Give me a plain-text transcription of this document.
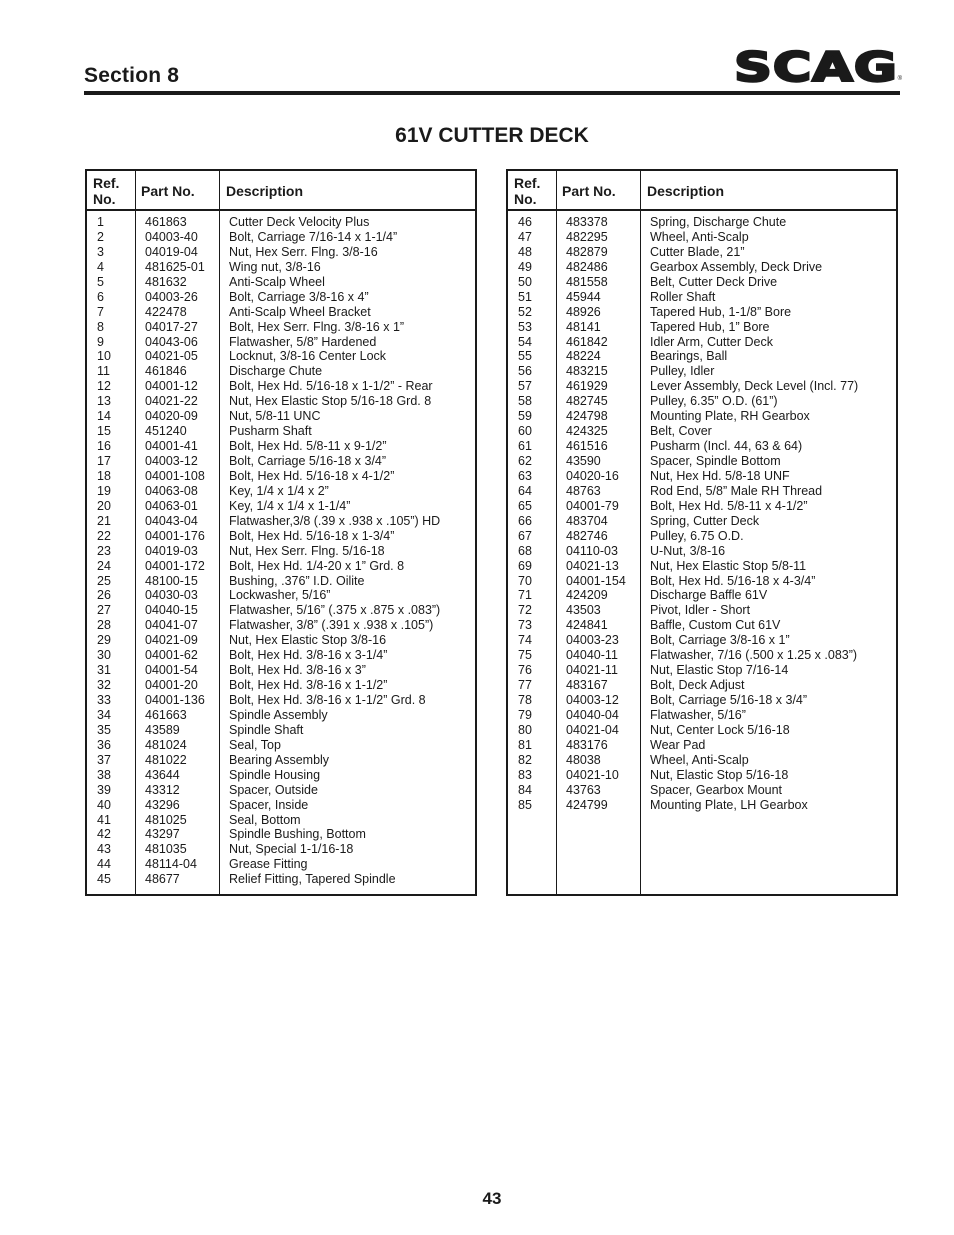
Section 8	SCAG ®
61V CUTTER DECK
Ref.
No. Part No. Description
1	461863	Cutter Deck Velocity Plus
2	04003-40 Bolt, Carriage 7/16-14 x 1-1/4”
3	04019-04 Nut, Hex Serr. Flng. 3/8-16
4	481625-01 Wing nut, 3/8-16
5	481632	Anti-Scalp Wheel
6	04003-26 Bolt, Carriage 3/8-16 x 4”
7	422478	Anti-Scalp Wheel Bracket
8	04017-27 Bolt, Hex Serr. Flng. 3/8-16 x 1”
9	04043-06 Flatwasher, 5/8” Hardened
10	04021-05 Locknut, 3/8-16 Center Lock
11	461846	Discharge Chute
12	04001-12 Bolt, Hex Hd. 5/16-18 x 1-1/2” - Rear
13	04021-22 Nut, Hex Elastic Stop 5/16-18 Grd. 8
14	04020-09 Nut, 5/8-11 UNC
15	451240	Pusharm Shaft
16	04001-41 Bolt, Hex Hd. 5/8-11 x 9-1/2”
17	04003-12 Bolt, Carriage 5/16-18 x 3/4”
18	04001-108 Bolt, Hex Hd. 5/16-18 x 4-1/2”
19	04063-08 Key, 1/4 x 1/4 x 2”
20	04063-01 Key, 1/4 x 1/4 x 1-1/4”
21	04043-04 Flatwasher,3/8 (.39 x .938 x .105”) HD
22	04001-176 Bolt, Hex Hd. 5/16-18 x 1-3/4”
23	04019-03 Nut, Hex Serr. Flng. 5/16-18
24	04001-172 Bolt, Hex Hd. 1/4-20 x 1” Grd. 8
25	48100-15 Bushing, .376” I.D. Oilite
26	04030-03 Lockwasher, 5/16”
27	04040-15 Flatwasher, 5/16” (.375 x .875 x .083”)
28	04041-07 Flatwasher, 3/8” (.391 x .938 x .105”)
29	04021-09 Nut, Hex Elastic Stop 3/8-16
30	04001-62 Bolt, Hex Hd. 3/8-16 x 3-1/4”
31	04001-54 Bolt, Hex Hd. 3/8-16 x 3”
32	04001-20 Bolt, Hex Hd. 3/8-16 x 1-1/2”
33	04001-136 Bolt, Hex Hd. 3/8-16 x 1-1/2” Grd. 8
34	461663	Spindle Assembly
35	43589	Spindle Shaft
36	481024	Seal, Top
37	481022	Bearing Assembly
38	43644	Spindle Housing
39	43312	Spacer, Outside
40	43296	Spacer, Inside
41	481025	Seal, Bottom
42	43297	Spindle Bushing, Bottom
43	481035	Nut, Special 1-1/16-18
44	48114-04	Grease Fitting
45	48677	Relief Fitting, Tapered Spindle
Ref.
No. Part No. Description
46	483378	Spring, Discharge Chute
47	482295	Wheel, Anti-Scalp
48	482879	Cutter Blade, 21”
49	482486	Gearbox Assembly, Deck Drive
50	481558	Belt, Cutter Deck Drive
51	45944	Roller Shaft
52	48926	Tapered Hub, 1-1/8” Bore
53	48141	Tapered Hub, 1” Bore
54	461842	Idler Arm, Cutter Deck
55	48224	Bearings, Ball
56	483215	Pulley, Idler
57	461929	Lever Assembly, Deck Level (Incl. 77)
58	482745	Pulley, 6.35” O.D. (61”)
59	424798	Mounting Plate, RH Gearbox
60	424325	Belt, Cover
61	461516	Pusharm (Incl. 44, 63 & 64)
62	43590	Spacer, Spindle Bottom
63	04020-16 Nut, Hex Hd. 5/8-18 UNF
64	48763	Rod End, 5/8” Male RH Thread
65	04001-79 Bolt, Hex Hd. 5/8-11 x 4-1/2”
66	483704	Spring, Cutter Deck
67	482746	Pulley, 6.75 O.D.
68	04110-03	U-Nut, 3/8-16
69	04021-13 Nut, Hex Elastic Stop 5/8-11
70	04001-154 Bolt, Hex Hd. 5/16-18 x 4-3/4”
71	424209	Discharge Baffle 61V
72	43503	Pivot, Idler - Short
73	424841	Baffle, Custom Cut 61V
74	04003-23 Bolt, Carriage 3/8-16 x 1”
75	04040-11	Flatwasher, 7/16 (.500 x 1.25 x .083”)
76	04021-11	Nut, Elastic Stop 7/16-14
77	483167	Bolt, Deck Adjust
78	04003-12 Bolt, Carriage 5/16-18 x 3/4”
79	04040-04 Flatwasher, 5/16”
80	04021-04 Nut, Center Lock 5/16-18
81	483176	Wear Pad
82	48038	Wheel, Anti-Scalp
83	04021-10 Nut, Elastic Stop 5/16-18
84	43763	Spacer, Gearbox Mount
85	424799	Mounting Plate, LH Gearbox
43
